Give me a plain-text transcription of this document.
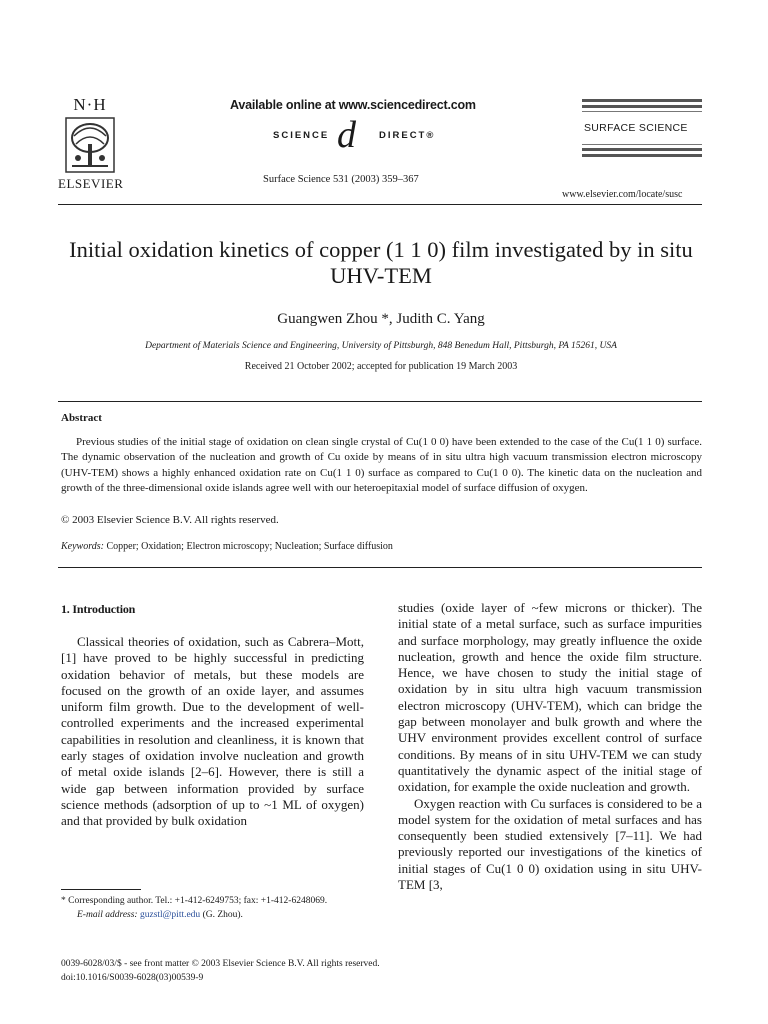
N·H
ELSEVIER
Available online at www.sciencedirect.com
SCIENCE d DIRECT®
Surface Science 531 (2003) 359–367
SURFACE SCIENCE
www.elsevier.com/locate/susc
Initial oxidation kinetics of copper (1 1 0) film investigated by in situ UHV-TEM
Guangwen Zhou *, Judith C. Yang
Department of Materials Science and Engineering, University of Pittsburgh, 848 Benedum Hall, Pittsburgh, PA 15261, USA
Received 21 October 2002; accepted for publication 19 March 2003
Abstract
Previous studies of the initial stage of oxidation on clean single crystal of Cu(1 0 0) have been extended to the case of the Cu(1 1 0) surface. The dynamic observation of the nucleation and growth of Cu oxide by means of in situ ultra high vacuum transmission electron microscopy (UHV-TEM) shows a highly enhanced oxidation rate on Cu(1 1 0) surface as compared to Cu(1 0 0). The kinetic data on the nucleation and growth of the three-dimensional oxide islands agree well with our heteroepitaxial model of surface diffusion of oxygen.
© 2003 Elsevier Science B.V. All rights reserved.
Keywords: Copper; Oxidation; Electron microscopy; Nucleation; Surface diffusion
1. Introduction

Classical theories of oxidation, such as Cabrera–Mott, [1] have proved to be highly successful in predicting oxidation behavior of metals, but these models are focused on the growth of an oxide layer, and assumes uniform film growth. Due to the development of well-controlled experiments and the increased experimental capabilities in resolution and cleanliness, it is known that early stages of oxidation involve nucleation and growth of metal oxide islands [2–6]. However, there is still a wide gap between information provided by surface science methods (adsorption of up to ~1 ML of oxygen) and that provided by bulk oxidation

studies (oxide layer of ~few microns or thicker). The initial state of a metal surface, such as surface impurities and surface morphology, may greatly influence the oxide nucleation, growth and hence the oxide film structure. Hence, we have chosen to study the initial stage of oxidation by in situ ultra high vacuum transmission electron microscopy (UHV-TEM), which can bridge the gap between monolayer and bulk growth and where the UHV environment provides excellent control of surface conditions. By means of in situ UHV-TEM we can study quantitatively the dynamic aspect of the initial stage of oxidation, for example the oxide nucleation and growth.

Oxygen reaction with Cu surfaces is considered to be a model system for the oxidation of metal surfaces and has consequently been studied extensively [7–11]. We had previously reported our investigations of the kinetics of initial stages of Cu(1 0 0) oxidation using in situ UHV-TEM [3,

* Corresponding author. Tel.: +1-412-6249753; fax: +1-412-6248069.
E-mail address: guzstl@pitt.edu (G. Zhou).
0039-6028/03/$ - see front matter © 2003 Elsevier Science B.V. All rights reserved.
doi:10.1016/S0039-6028(03)00539-9
